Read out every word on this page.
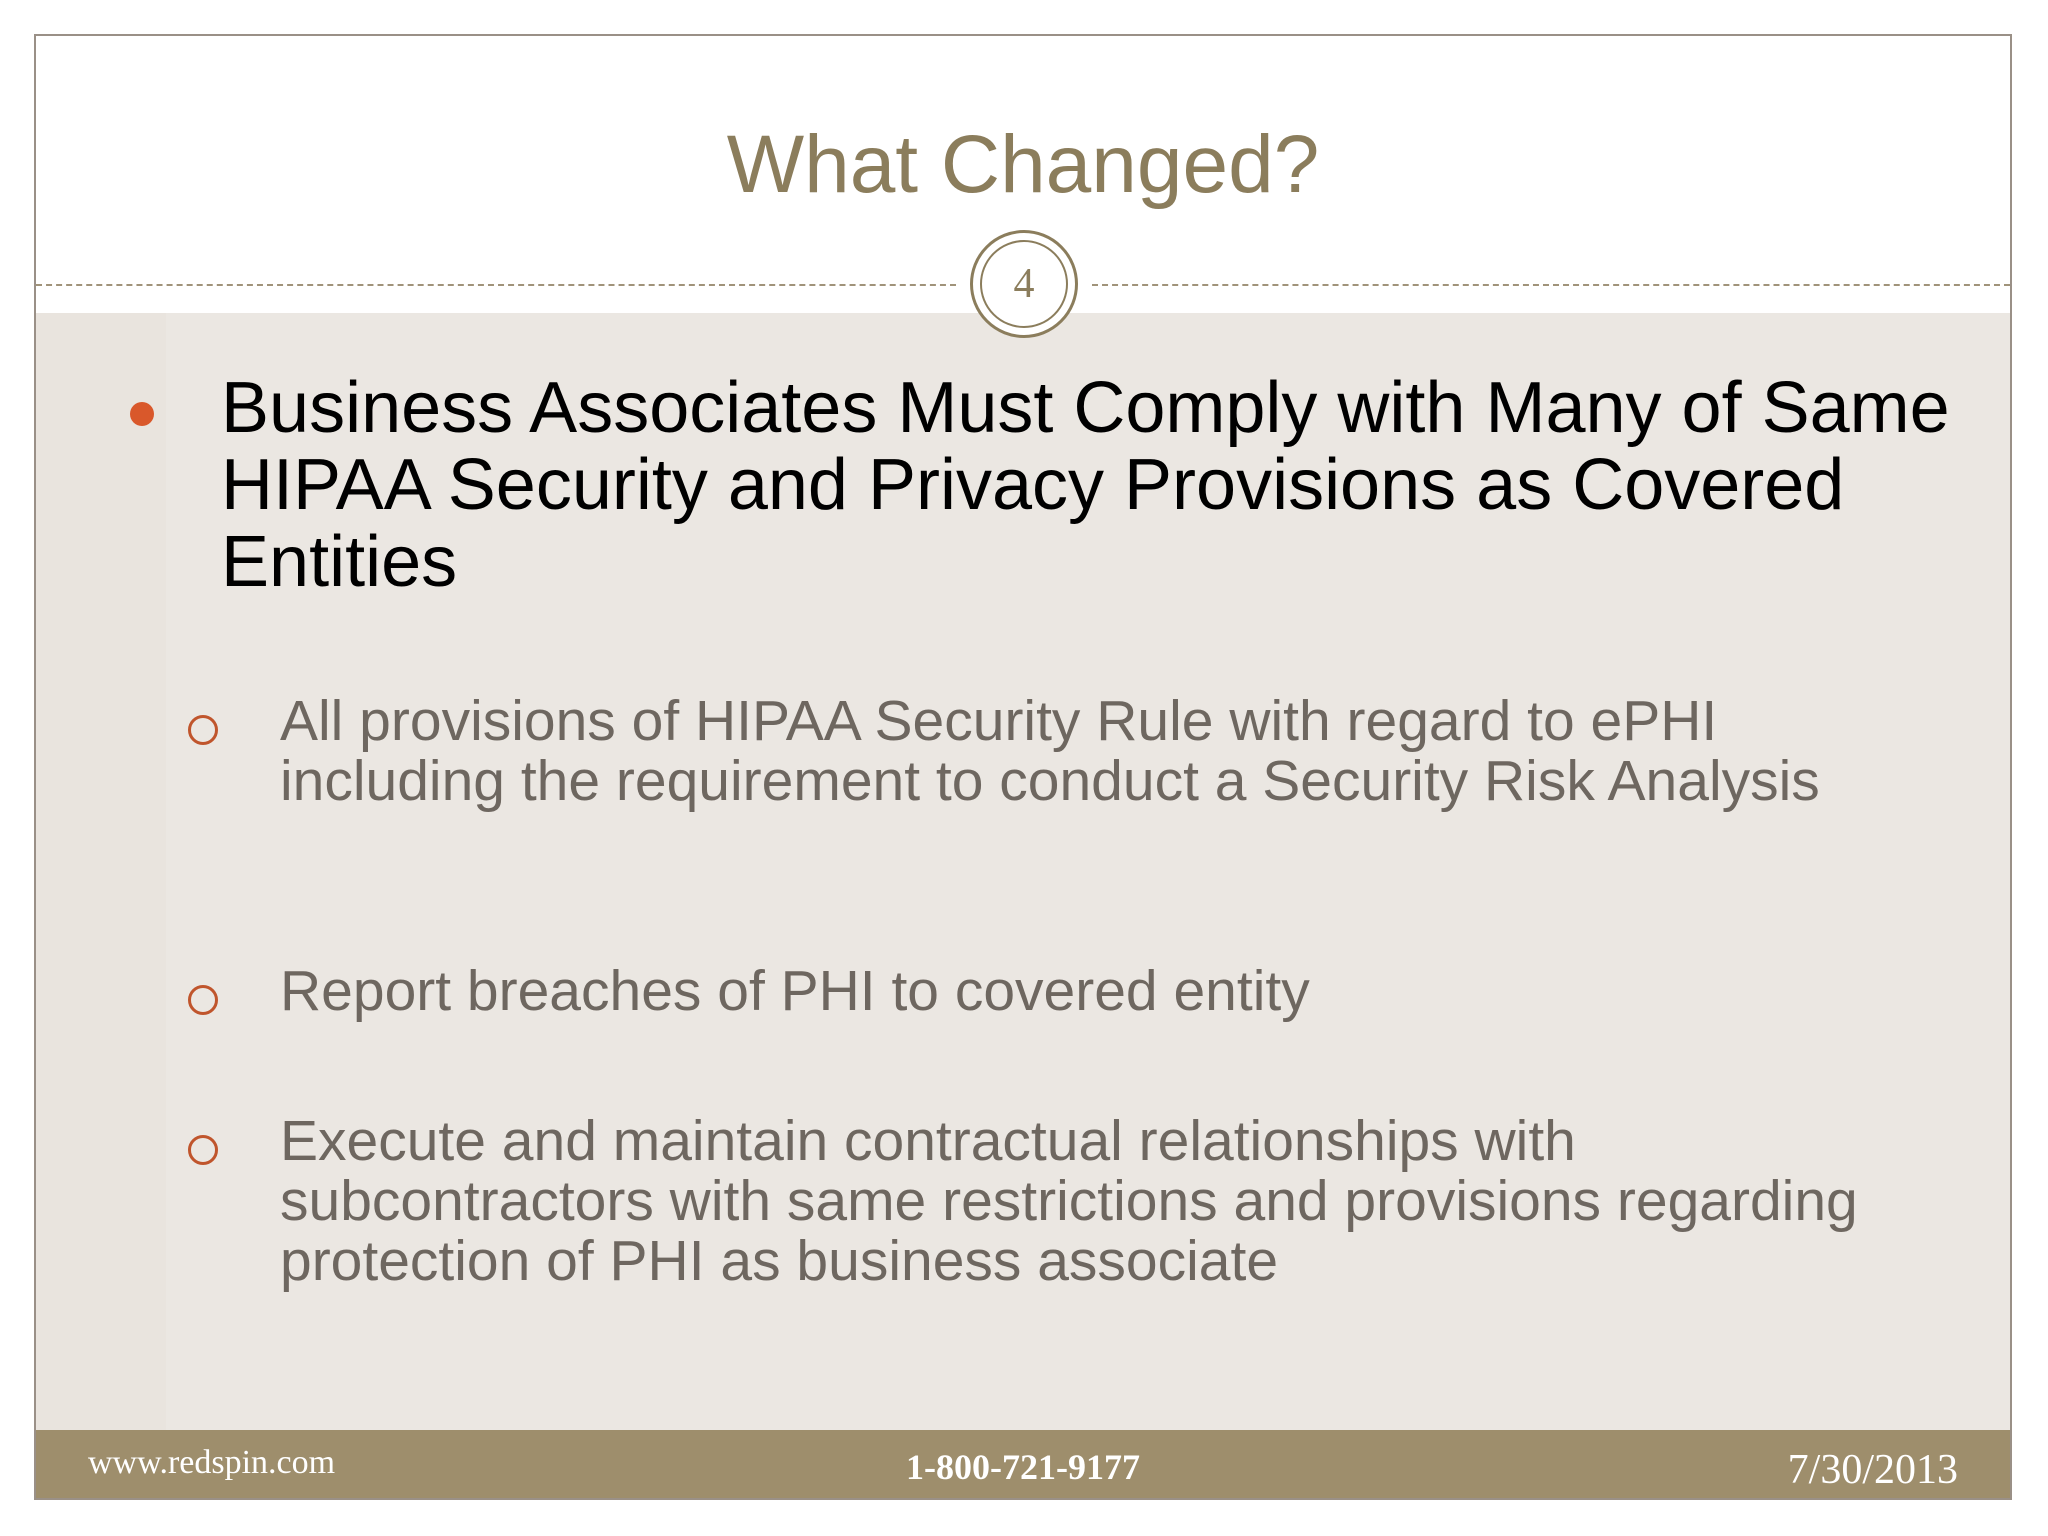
What Changed?
4
Business Associates Must Comply with Many of Same HIPAA Security and Privacy Provisions as Covered Entities
All provisions of HIPAA Security Rule with regard to ePHI including the requirement to conduct a Security Risk Analysis
Report breaches of PHI to covered entity
Execute and maintain contractual relationships with subcontractors with same restrictions and provisions regarding protection of PHI as business associate
www.redspin.com	1-800-721-9177	7/30/2013
